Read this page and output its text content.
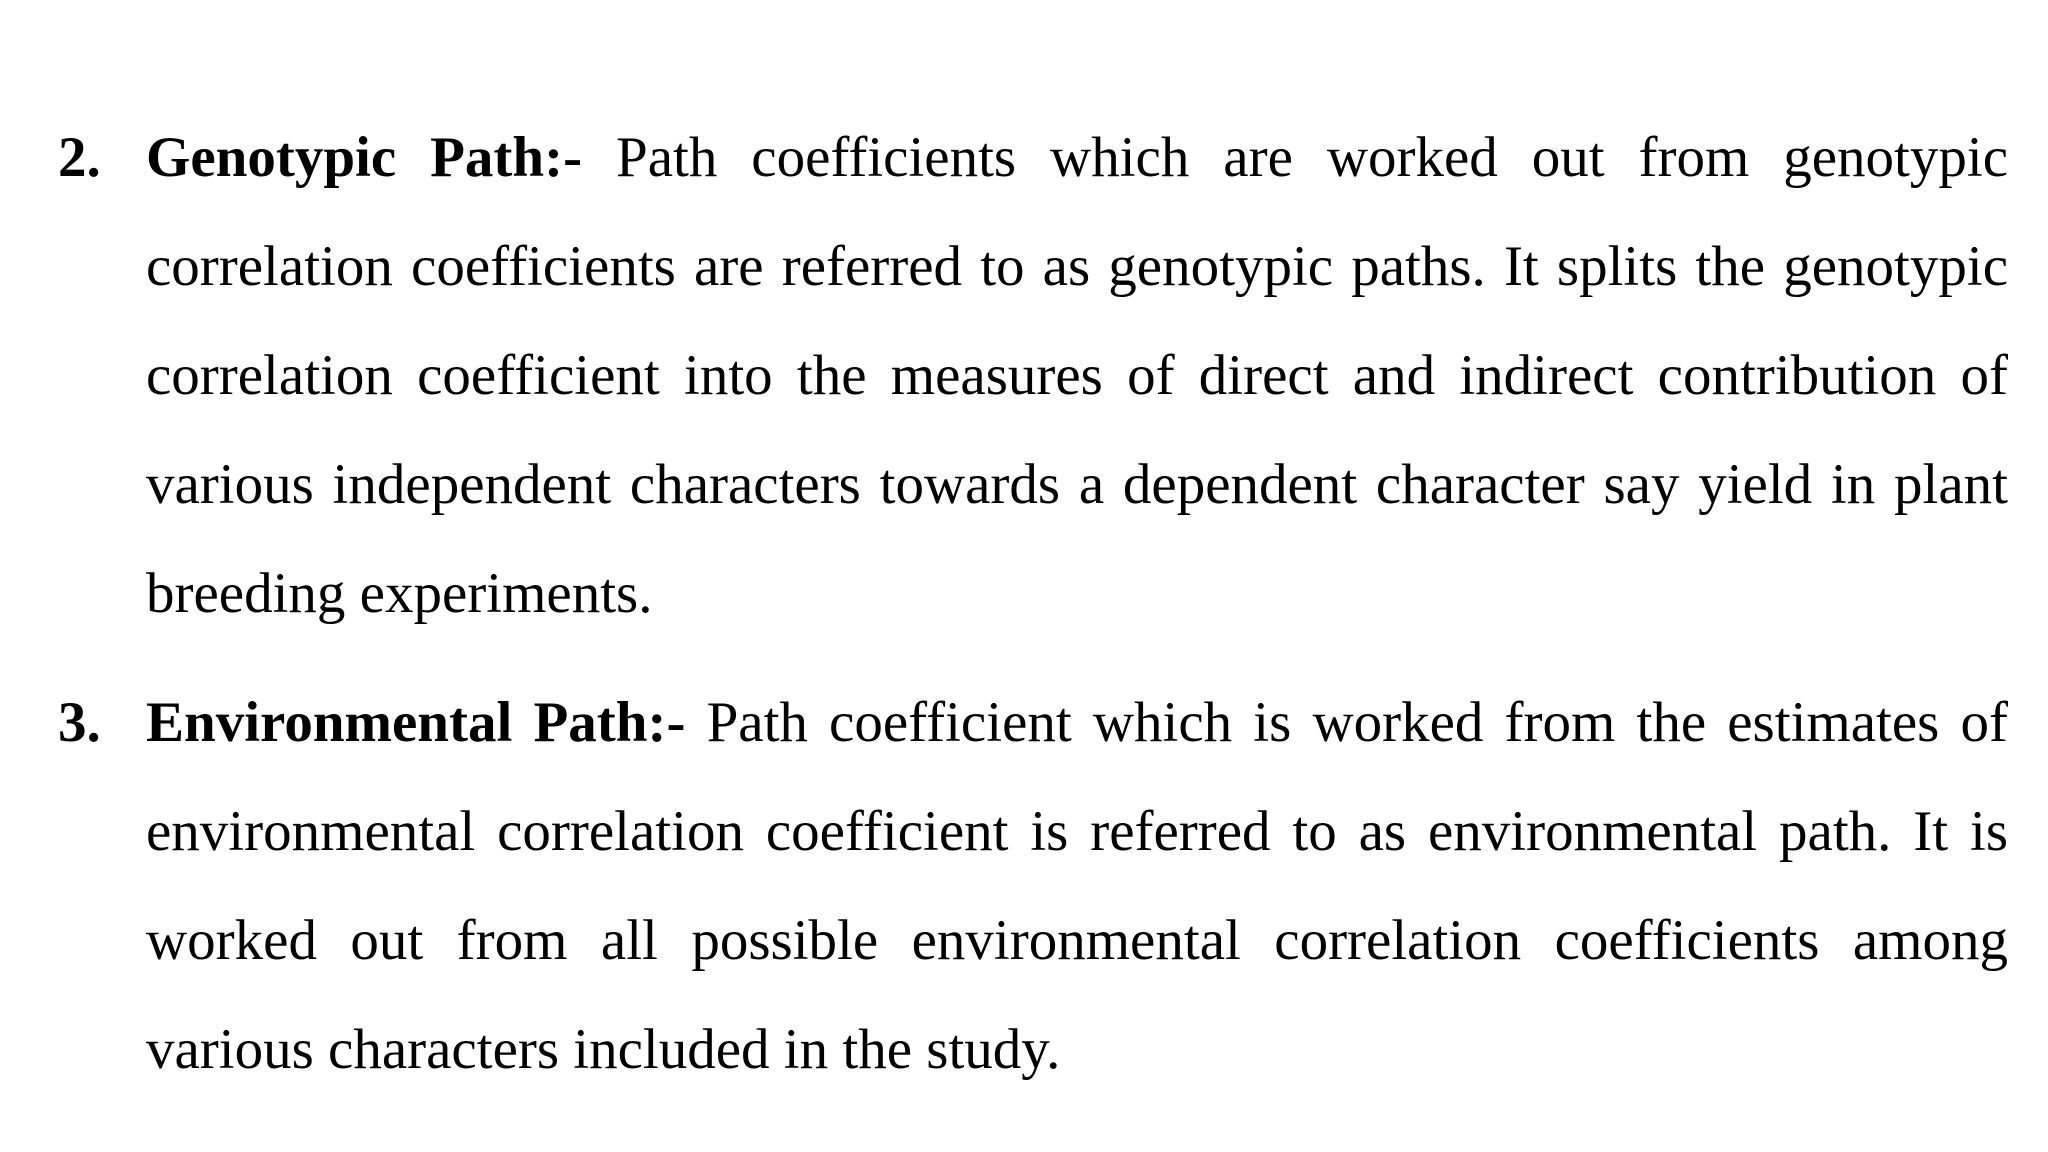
2. Genotypic Path:- Path coefficients which are worked out from genotypic correlation coefficients are referred to as genotypic paths. It splits the genotypic correlation coefficient into the measures of direct and indirect contribution of various independent characters towards a dependent character say yield in plant breeding experiments.

3. Environmental Path:- Path coefficient which is worked from the estimates of environmental correlation coefficient is referred to as environmental path. It is worked out from all possible environmental correlation coefficients among various characters included in the study.
